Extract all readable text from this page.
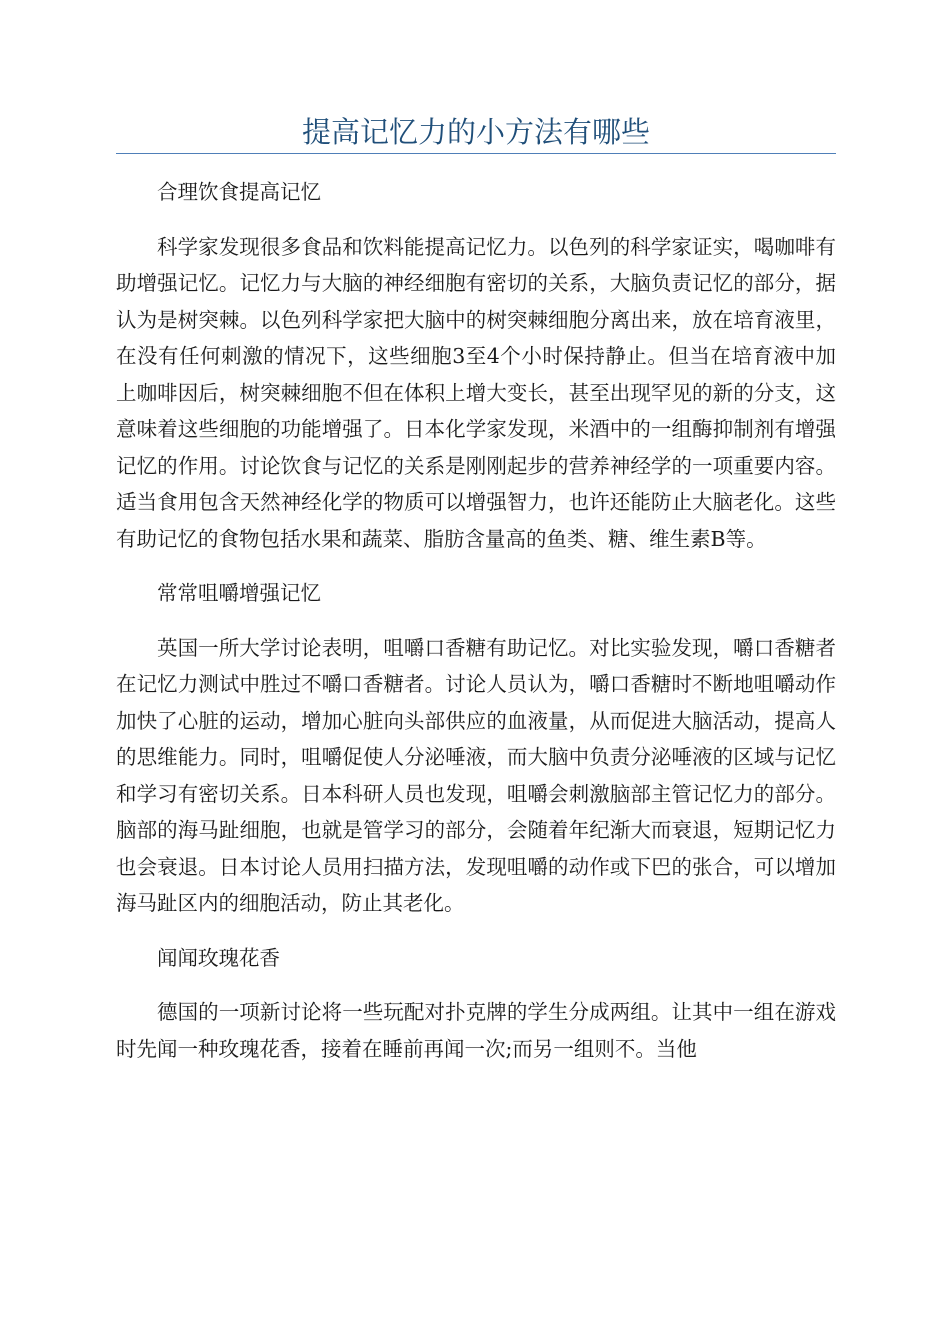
提高记忆力的小方法有哪些

合理饮食提高记忆

科学家发现很多食品和饮料能提高记忆力。以色列的科学家证实，喝咖啡有助增强记忆。记忆力与大脑的神经细胞有密切的关系，大脑负责记忆的部分，据认为是树突棘。以色列科学家把大脑中的树突棘细胞分离出来，放在培育液里，在没有任何刺激的情况下，这些细胞3至4个小时保持静止。但当在培育液中加上咖啡因后，树突棘细胞不但在体积上增大变长，甚至出现罕见的新的分支，这意味着这些细胞的功能增强了。日本化学家发现，米酒中的一组酶抑制剂有增强记忆的作用。讨论饮食与记忆的关系是刚刚起步的营养神经学的一项重要内容。适当食用包含天然神经化学的物质可以增强智力，也许还能防止大脑老化。这些有助记忆的食物包括水果和蔬菜、脂肪含量高的鱼类、糖、维生素B等。

常常咀嚼增强记忆

英国一所大学讨论表明，咀嚼口香糖有助记忆。对比实验发现，嚼口香糖者在记忆力测试中胜过不嚼口香糖者。讨论人员认为，嚼口香糖时不断地咀嚼动作加快了心脏的运动，增加心脏向头部供应的血液量，从而促进大脑活动，提高人的思维能力。同时，咀嚼促使人分泌唾液，而大脑中负责分泌唾液的区域与记忆和学习有密切关系。日本科研人员也发现，咀嚼会刺激脑部主管记忆力的部分。脑部的海马趾细胞，也就是管学习的部分，会随着年纪渐大而衰退，短期记忆力也会衰退。日本讨论人员用扫描方法，发现咀嚼的动作或下巴的张合，可以增加海马趾区内的细胞活动，防止其老化。

闻闻玫瑰花香

德国的一项新讨论将一些玩配对扑克牌的学生分成两组。让其中一组在游戏时先闻一种玫瑰花香，接着在睡前再闻一次;而另一组则不。当他
